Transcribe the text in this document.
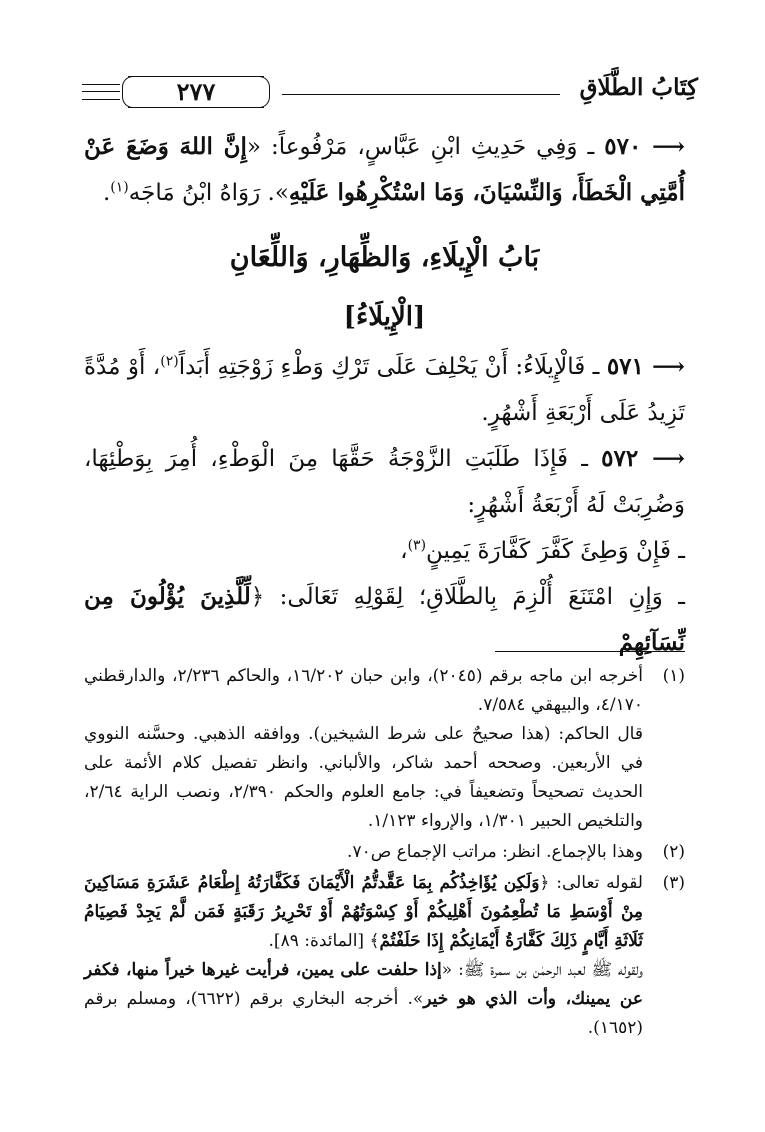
كِتَابُ الطَّلَاقِ
٢٧٧

⟶ ٥٧٠ ـ وَفِي حَدِيثِ ابْنِ عَبَّاسٍ، مَرْفُوعاً: «إِنَّ اللهَ وَضَعَ عَنْ أُمَّتِي الْخَطَأَ، وَالنِّسْيَانَ، وَمَا اسْتُكْرِهُوا عَلَيْهِ». رَوَاهُ ابْنُ مَاجَه$^{(١)}$.

بَابُ الْإِيلَاءِ، وَالظِّهَارِ، وَاللِّعَانِ
[الْإِيلَاءُ]

⟶ ٥٧١ ـ فَالْإِيلَاءُ: أَنْ يَحْلِفَ عَلَى تَرْكِ وَطْءِ زَوْجَتِهِ أَبَداً$^{(٢)}$، أَوْ مُدَّةً تَزِيدُ عَلَى أَرْبَعَةِ أَشْهُرٍ.

⟶ ٥٧٢ ـ فَإِذَا طَلَبَتِ الزَّوْجَةُ حَقَّهَا مِنَ الْوَطْءِ، أُمِرَ بِوَطْئِهَا، وَضُرِبَتْ لَهُ أَرْبَعَةُ أَشْهُرٍ:

ـ فَإِنْ وَطِئَ كَفَّرَ كَفَّارَةَ يَمِينٍ$^{(٣)}$،

ـ وَإِنِ امْتَنَعَ أُلْزِمَ بِالطَّلَاقِ؛ لِقَوْلِهِ تَعَالَى: ﴿لِّلَّذِينَ يُؤْلُونَ مِن نِّسَآئِهِمْ

(١)

أخرجه ابن ماجه برقم (٢٠٤٥)، وابن حبان ١٦/٢٠٢، والحاكم ٢/٢٣٦، والدارقطني ٤/١٧٠، والبيهقي ٧/٥٨٤.

قال الحاكم: (هذا صحيحٌ على شرط الشيخين). ووافقه الذهبي. وحسَّنه النووي في الأربعين. وصححه أحمد شاكر، والألباني. وانظر تفصيل كلام الأئمة على الحديث تصحيحاً وتضعيفاً في: جامع العلوم والحكم ٢/٣٩٠، ونصب الراية ٢/٦٤، والتلخيص الحبير ١/٣٠١، والإرواء ١/١٢٣.

(٢)

وهذا بالإجماع. انظر: مراتب الإجماع ص٧٠.

(٣)

لقوله تعالى: ﴿وَلَكِن يُؤَاخِذُكُم بِمَا عَقَّدتُّمُ الْأَيْمَانَ فَكَفَّارَتُهُ إِطْعَامُ عَشَرَةِ مَسَاكِينَ مِنْ أَوْسَطِ مَا تُطْعِمُونَ أَهْلِيكُمْ أَوْ كِسْوَتُهُمْ أَوْ تَحْرِيرُ رَقَبَةٍ فَمَن لَّمْ يَجِدْ فَصِيَامُ ثَلَاثَةِ أَيَّامٍ ذَلِكَ كَفَّارَةُ أَيْمَانِكُمْ إِذَا حَلَفْتُمْ﴾ [المائدة: ٨٩].

ولقوله ﷺ لعبد الرحمٰن بن سمرة ﷺ: «إذا حلفت على يمين، فرأيت غيرها خيراً منها، فكفر عن يمينك، وأت الذي هو خير». أخرجه البخاري برقم (٦٦٢٢)، ومسلم برقم (١٦٥٢).
